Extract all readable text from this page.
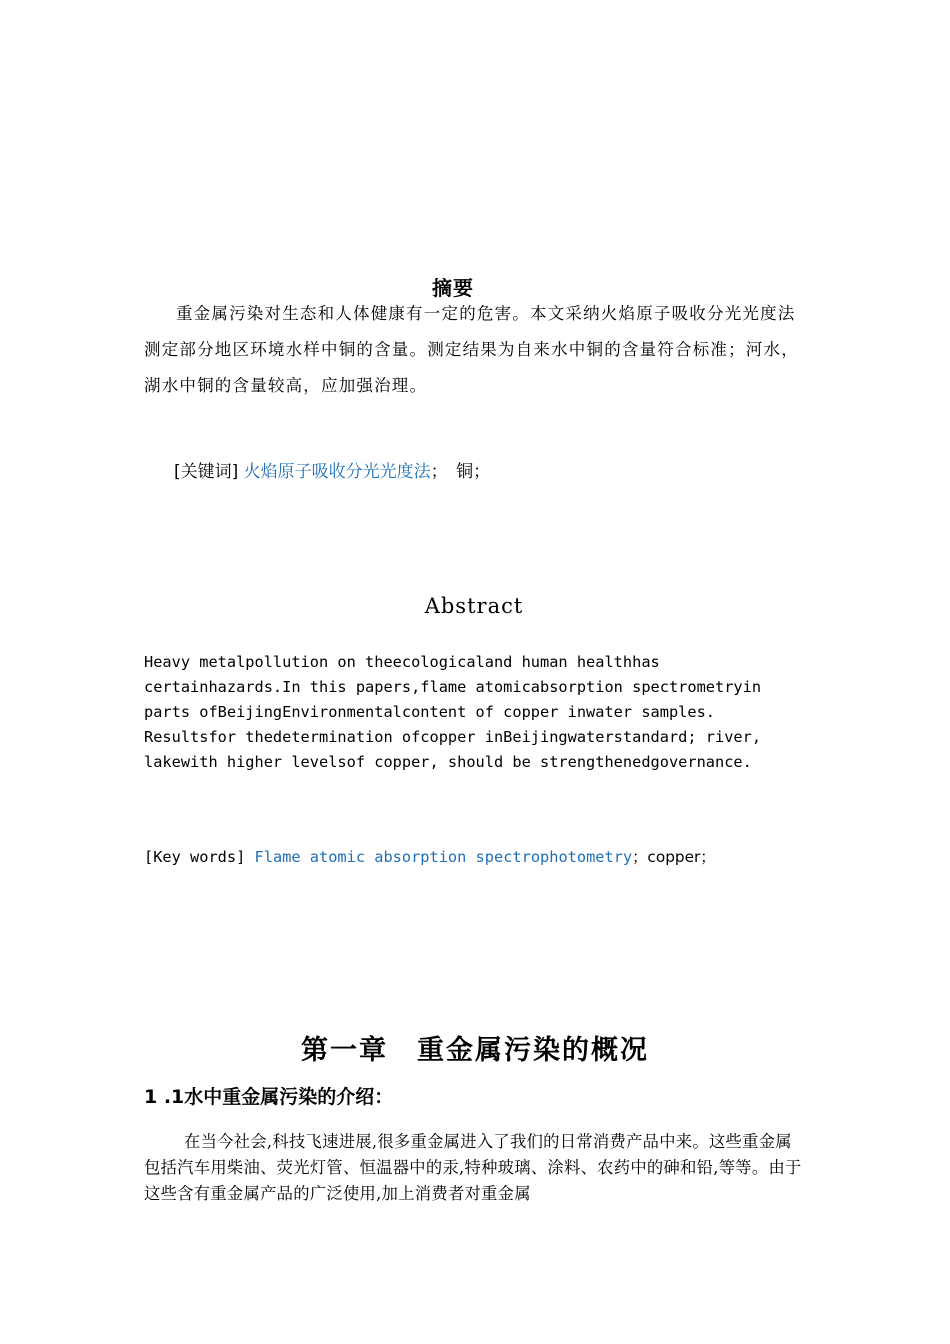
摘要

重金属污染对生态和人体健康有一定的危害。本文采纳火焰原子吸收分光光度法测定部分地区环境水样中铜的含量。测定结果为自来水中铜的含量符合标准；河水，湖水中铜的含量较高，应加强治理。

[关键词] 火焰原子吸收分光光度法；　铜；
Abstract

Heavy metalpollution on theecologicaland human healthhas
certainhazards.In this papers,flame atomicabsorption spectrometryin
parts ofBeijingEnvironmentalcontent of copper inwater samples.
Resultsfor thedetermination ofcopper inBeijingwaterstandard; river,
lakewith higher levelsof copper, should be strengthenedgovernance.

[Key words] Flame atomic absorption spectrophotometry；copper；
第一章　重金属污染的概况
1 .1水中重金属污染的介绍：

在当今社会,科技飞速进展,很多重金属进入了我们的日常消费产品中来。这些重金属包括汽车用柴油、荧光灯管、恒温器中的汞,特种玻璃、涂料、农药中的砷和铅,等等。由于这些含有重金属产品的广泛使用,加上消费者对重金属
